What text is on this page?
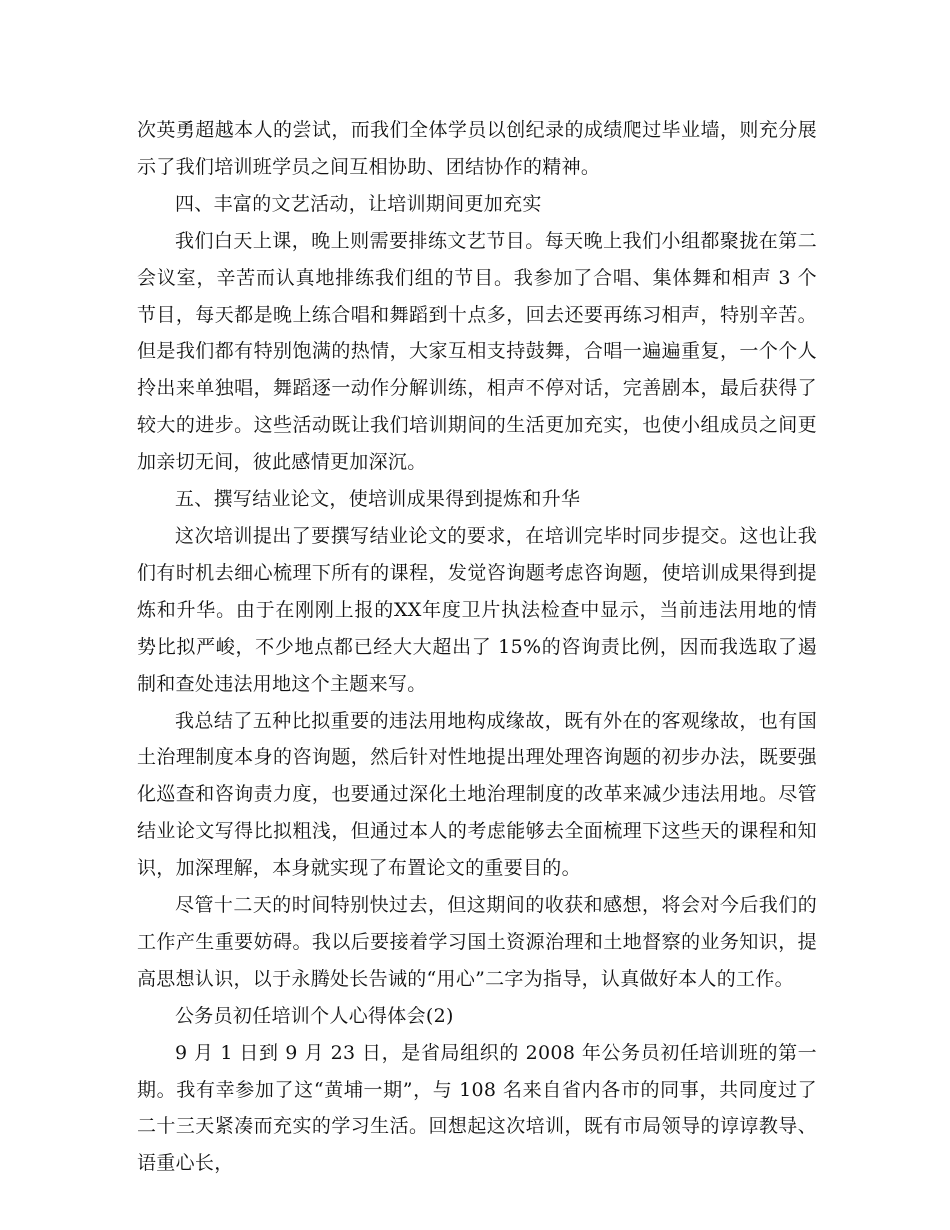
次英勇超越本人的尝试，而我们全体学员以创纪录的成绩爬过毕业墙，则充分展示了我们培训班学员之间互相协助、团结协作的精神。

四、丰富的文艺活动，让培训期间更加充实

我们白天上课，晚上则需要排练文艺节目。每天晚上我们小组都聚拢在第二会议室，辛苦而认真地排练我们组的节目。我参加了合唱、集体舞和相声 3 个节目，每天都是晚上练合唱和舞蹈到十点多，回去还要再练习相声，特别辛苦。但是我们都有特别饱满的热情，大家互相支持鼓舞，合唱一遍遍重复，一个个人拎出来单独唱，舞蹈逐一动作分解训练，相声不停对话，完善剧本，最后获得了较大的进步。这些活动既让我们培训期间的生活更加充实，也使小组成员之间更加亲切无间，彼此感情更加深沉。

五、撰写结业论文，使培训成果得到提炼和升华

这次培训提出了要撰写结业论文的要求，在培训完毕时同步提交。这也让我们有时机去细心梳理下所有的课程，发觉咨询题考虑咨询题，使培训成果得到提炼和升华。由于在刚刚上报的XX年度卫片执法检查中显示，当前违法用地的情势比拟严峻，不少地点都已经大大超出了 15%的咨询责比例，因而我选取了遏制和查处违法用地这个主题来写。

我总结了五种比拟重要的违法用地构成缘故，既有外在的客观缘故，也有国土治理制度本身的咨询题，然后针对性地提出理处理咨询题的初步办法，既要强化巡查和咨询责力度，也要通过深化土地治理制度的改革来减少违法用地。尽管结业论文写得比拟粗浅，但通过本人的考虑能够去全面梳理下这些天的课程和知识，加深理解，本身就实现了布置论文的重要目的。

尽管十二天的时间特别快过去，但这期间的收获和感想，将会对今后我们的工作产生重要妨碍。我以后要接着学习国土资源治理和土地督察的业务知识，提高思想认识，以于永腾处长告诫的“用心”二字为指导，认真做好本人的工作。

公务员初任培训个人心得体会(2)

9 月 1 日到 9 月 23 日，是省局组织的 2008 年公务员初任培训班的第一期。我有幸参加了这“黄埔一期”，与 108 名来自省内各市的同事，共同度过了二十三天紧凑而充实的学习生活。回想起这次培训，既有市局领导的谆谆教导、语重心长，
